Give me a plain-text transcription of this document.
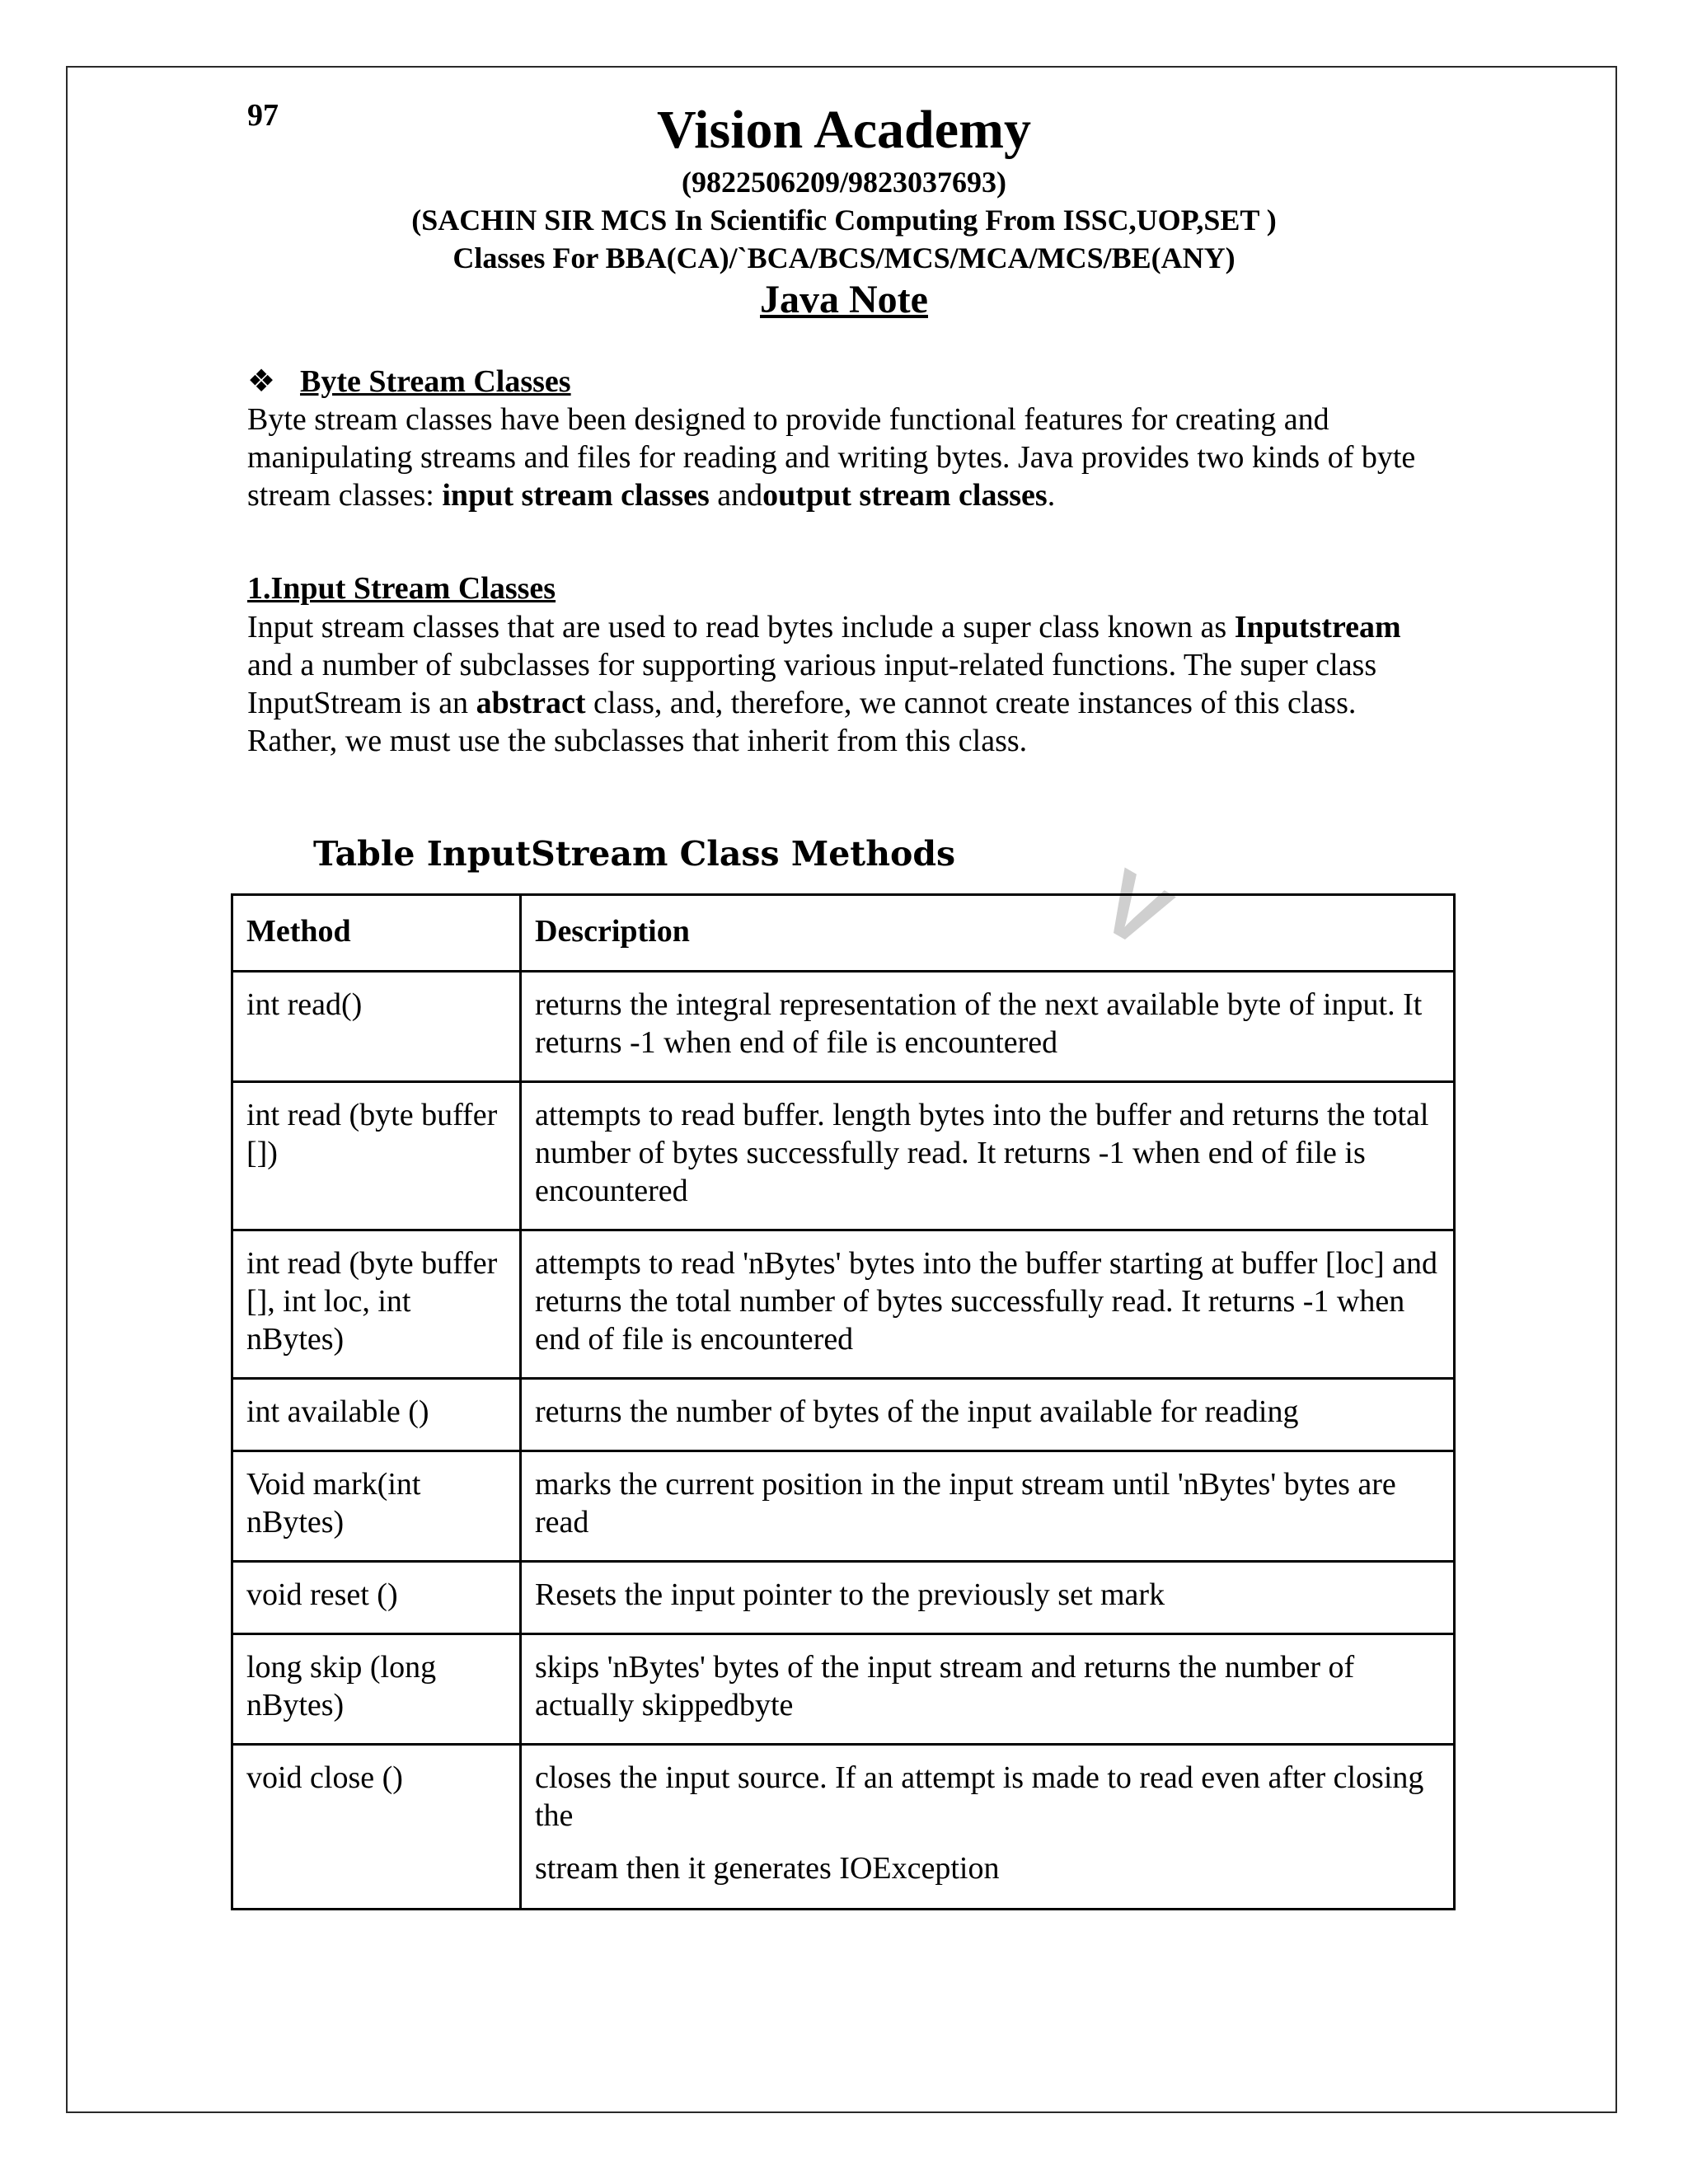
97	Vision Academy
(9822506209/9823037693)
(SACHIN SIR MCS In Scientific Computing From ISSC,UOP,SET )
Classes For BBA(CA)/`BCA/BCS/MCS/MCA/MCS/BE(ANY)
Java Note
❖ Byte Stream Classes
Byte stream classes have been designed to provide functional features for creating and manipulating streams and files for reading and writing bytes. Java provides two kinds of byte stream classes: input stream classes andoutput stream classes.
1.Input Stream Classes
Input stream classes that are used to read bytes include a super class known as Inputstream and a number of subclasses for supporting various input-related functions. The super class InputStream is an abstract class, and, therefore, we cannot create instances of this class. Rather, we must use the subclasses that inherit from this class.
V
Table InputStream Class Methods
Method	Description
int read()	returns the integral representation of the next available byte of input. It returns -1 when end of file is encountered
int read (byte buffer [])	attempts to read buffer. length bytes into the buffer and returns the total number of bytes successfully read. It returns -1 when end of file is encountered
int read (byte buffer [], int loc, int nBytes)	attempts to read 'nBytes' bytes into the buffer starting at buffer [loc] and returns the total number of bytes successfully read. It returns -1 when end of file is encountered
int available ()	returns the number of bytes of the input available for reading
Void mark(int nBytes)	marks the current position in the input stream until 'nBytes' bytes are read
void reset ()	Resets the input pointer to the previously set mark
long skip (long nBytes)	skips 'nBytes' bytes of the input stream and returns the number of actually skippedbyte
void close ()	closes the input source. If an attempt is made to read even after closing the
stream then it generates IOException
